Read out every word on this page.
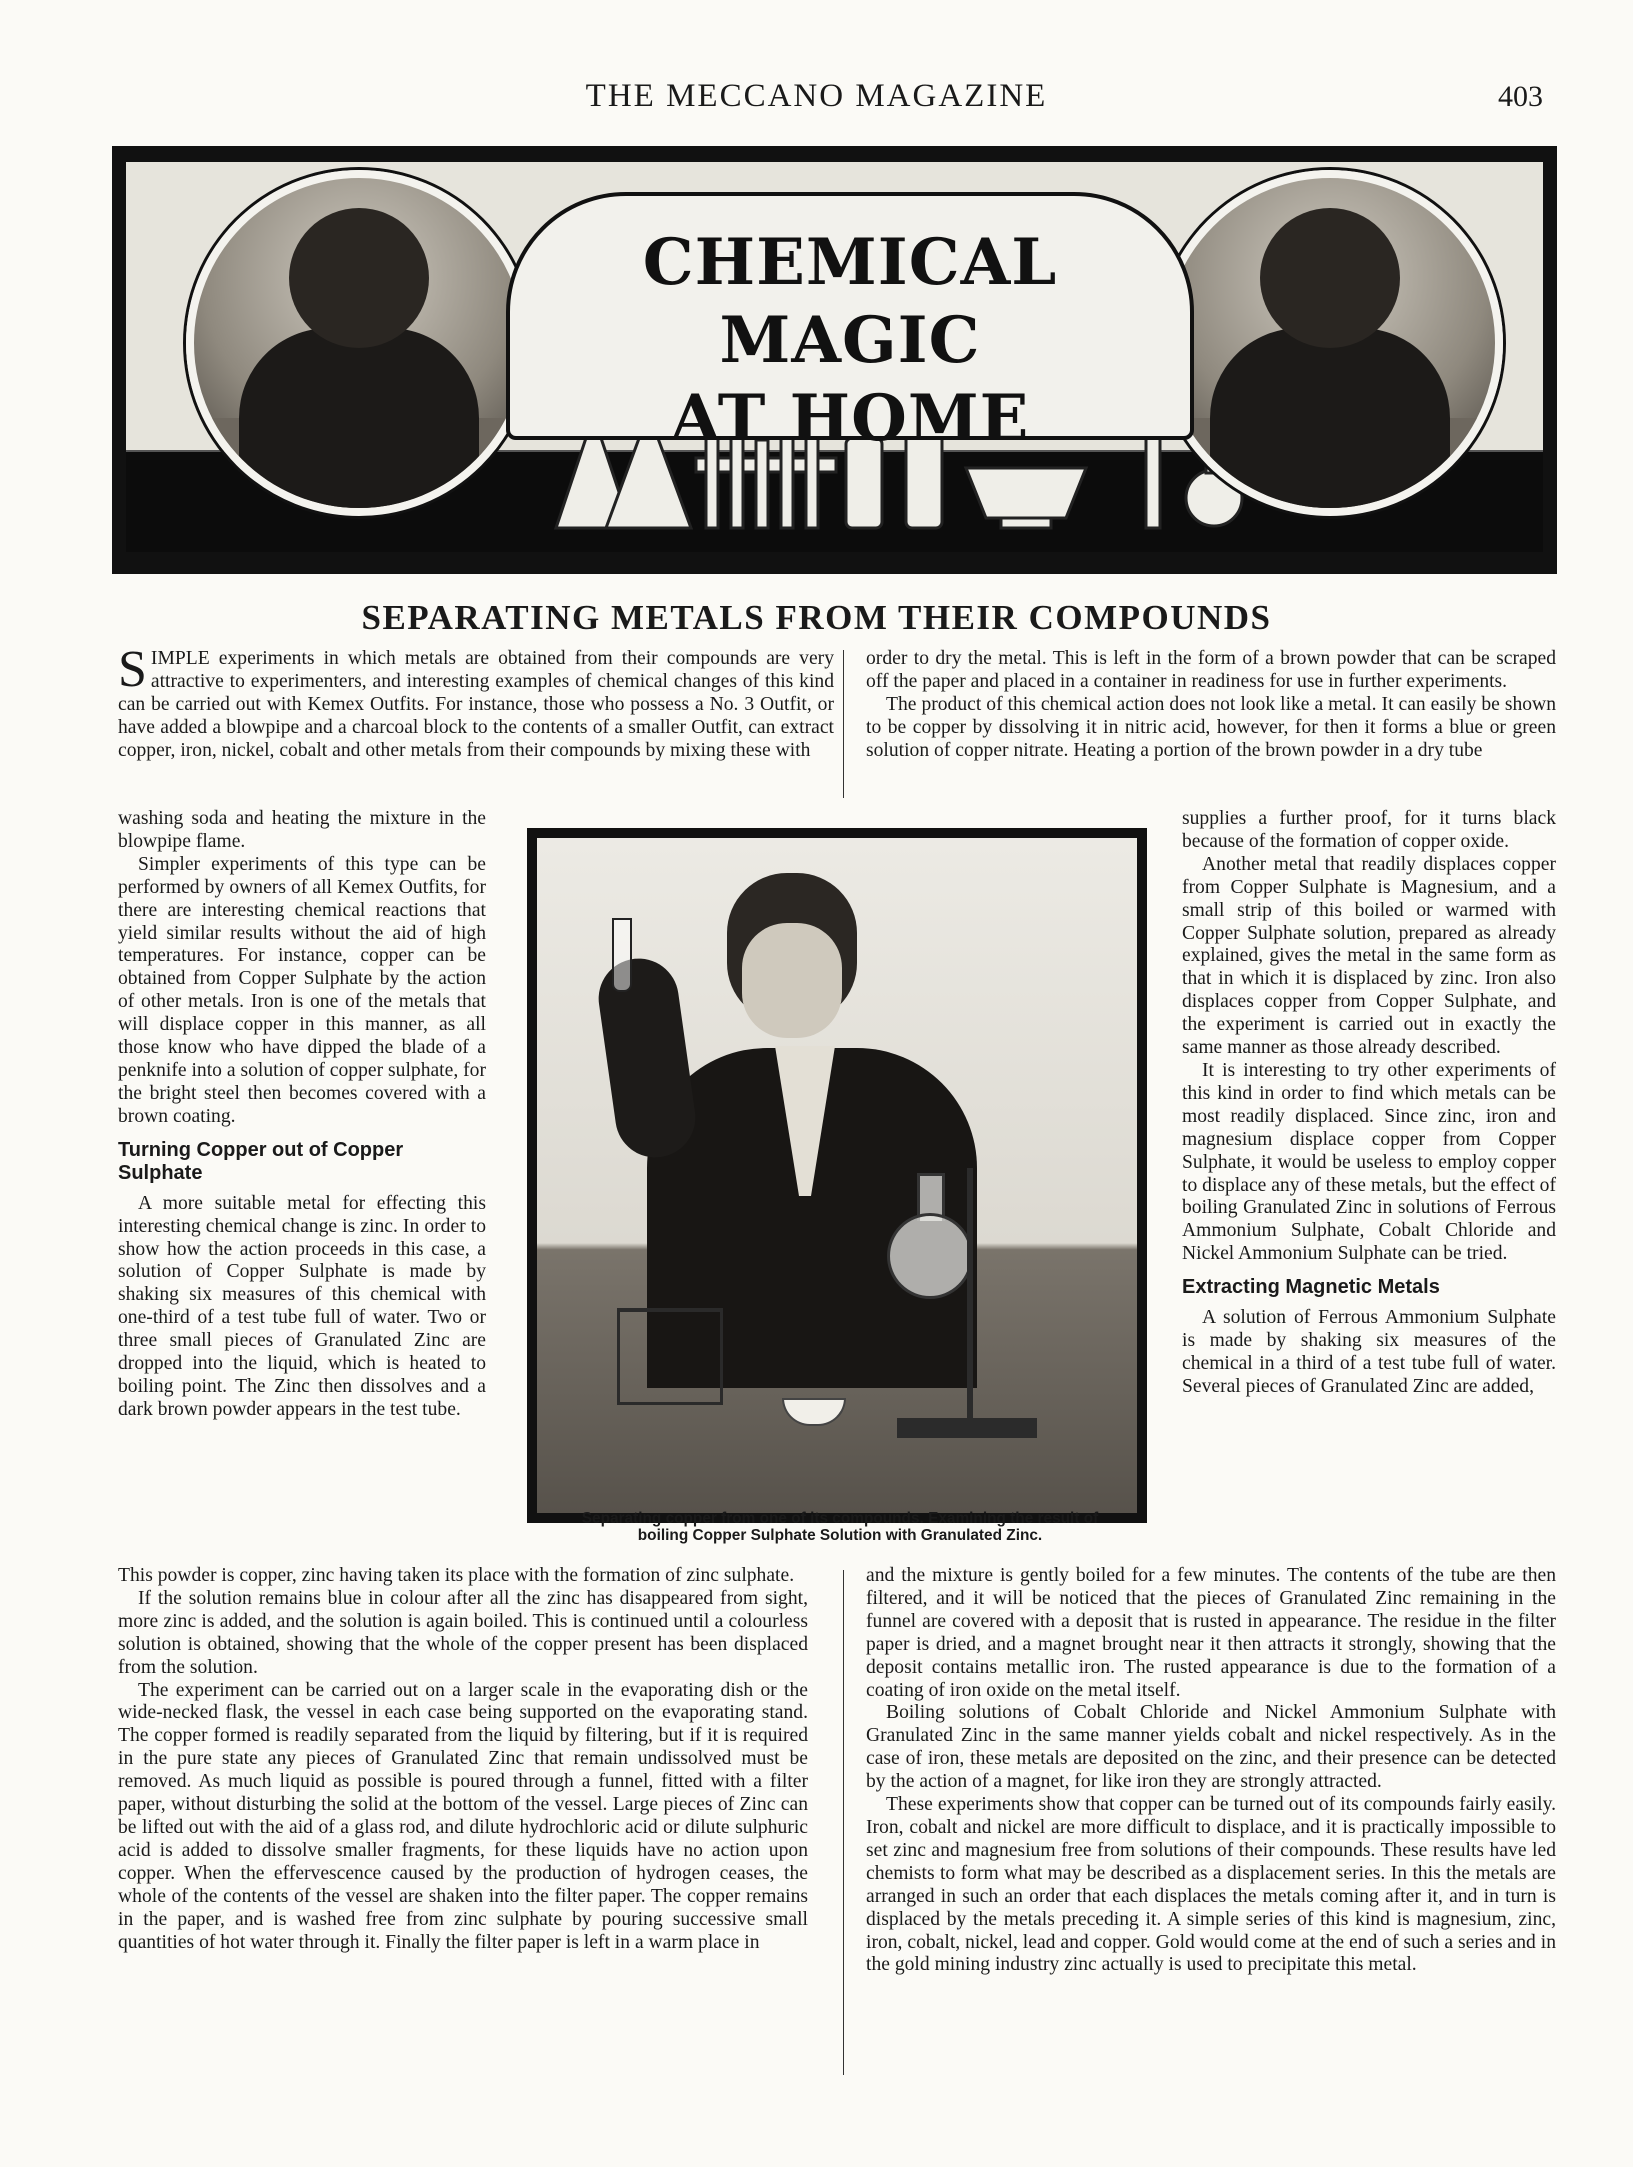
THE MECCANO MAGAZINE	403
CHEMICAL MAGIC
AT HOME
SEPARATING METALS FROM THEIR COMPOUNDS

SIMPLE experiments in which metals are obtained from their compounds are very attractive to experimenters, and interesting examples of chemical changes of this kind can be carried out with Kemex Outfits. For instance, those who possess a No. 3 Outfit, or have added a blowpipe and a charcoal block to the contents of a smaller Outfit, can extract copper, iron, nickel, cobalt and other metals from their compounds by mixing these with

washing soda and heating the mixture in the blowpipe flame.

Simpler experiments of this type can be performed by owners of all Kemex Outfits, for there are interesting chemical reactions that yield similar results without the aid of high temperatures. For instance, copper can be obtained from Copper Sulphate by the action of other metals. Iron is one of the metals that will displace copper in this manner, as all those know who have dipped the blade of a penknife into a solution of copper sulphate, for the bright steel then becomes covered with a brown coating.

Turning Copper out of Copper Sulphate

A more suitable metal for effecting this interesting chemical change is zinc. In order to show how the action proceeds in this case, a solution of Copper Sulphate is made by shaking six measures of this chemical with one-third of a test tube full of water. Two or three small pieces of Granulated Zinc are dropped into the liquid, which is heated to boiling point. The Zinc then dissolves and a dark brown powder appears in the test tube.

order to dry the metal. This is left in the form of a brown powder that can be scraped off the paper and placed in a container in readiness for use in further experiments.

The product of this chemical action does not look like a metal. It can easily be shown to be copper by dissolving it in nitric acid, however, for then it forms a blue or green solution of copper nitrate. Heating a portion of the brown powder in a dry tube

supplies a further proof, for it turns black because of the formation of copper oxide.

Another metal that readily displaces copper from Copper Sulphate is Magnesium, and a small strip of this boiled or warmed with Copper Sulphate solution, prepared as already explained, gives the metal in the same form as that in which it is displaced by zinc. Iron also displaces copper from Copper Sulphate, and the experiment is carried out in exactly the same manner as those already described.

It is interesting to try other experiments of this kind in order to find which metals can be most readily displaced. Since zinc, iron and magnesium displace copper from Copper Sulphate, it would be useless to employ copper to displace any of these metals, but the effect of boiling Granulated Zinc in solutions of Ferrous Ammonium Sulphate, Cobalt Chloride and Nickel Ammonium Sulphate can be tried.

Extracting Magnetic Metals

A solution of Ferrous Ammonium Sulphate is made by shaking six measures of the chemical in a third of a test tube full of water. Several pieces of Granulated Zinc are added,

Separating copper from one of its compounds. Examining the result of
boiling Copper Sulphate Solution with Granulated Zinc.

This powder is copper, zinc having taken its place with the formation of zinc sulphate.

If the solution remains blue in colour after all the zinc has disappeared from sight, more zinc is added, and the solution is again boiled. This is continued until a colourless solution is obtained, showing that the whole of the copper present has been displaced from the solution.

The experiment can be carried out on a larger scale in the evaporating dish or the wide-necked flask, the vessel in each case being supported on the evaporating stand. The copper formed is readily separated from the liquid by filtering, but if it is required in the pure state any pieces of Granulated Zinc that remain undissolved must be removed. As much liquid as possible is poured through a funnel, fitted with a filter paper, without disturbing the solid at the bottom of the vessel. Large pieces of Zinc can be lifted out with the aid of a glass rod, and dilute hydrochloric acid or dilute sulphuric acid is added to dissolve smaller fragments, for these liquids have no action upon copper. When the effervescence caused by the production of hydrogen ceases, the whole of the contents of the vessel are shaken into the filter paper. The copper remains in the paper, and is washed free from zinc sulphate by pouring successive small quantities of hot water through it. Finally the filter paper is left in a warm place in

and the mixture is gently boiled for a few minutes. The contents of the tube are then filtered, and it will be noticed that the pieces of Granulated Zinc remaining in the funnel are covered with a deposit that is rusted in appearance. The residue in the filter paper is dried, and a magnet brought near it then attracts it strongly, showing that the deposit contains metallic iron. The rusted appearance is due to the formation of a coating of iron oxide on the metal itself.

Boiling solutions of Cobalt Chloride and Nickel Ammonium Sulphate with Granulated Zinc in the same manner yields cobalt and nickel respectively. As in the case of iron, these metals are deposited on the zinc, and their presence can be detected by the action of a magnet, for like iron they are strongly attracted.

These experiments show that copper can be turned out of its compounds fairly easily. Iron, cobalt and nickel are more difficult to displace, and it is practically impossible to set zinc and magnesium free from solutions of their compounds. These results have led chemists to form what may be described as a displacement series. In this the metals are arranged in such an order that each displaces the metals coming after it, and in turn is displaced by the metals preceding it. A simple series of this kind is magnesium, zinc, iron, cobalt, nickel, lead and copper. Gold would come at the end of such a series and in the gold mining industry zinc actually is used to precipitate this metal.
